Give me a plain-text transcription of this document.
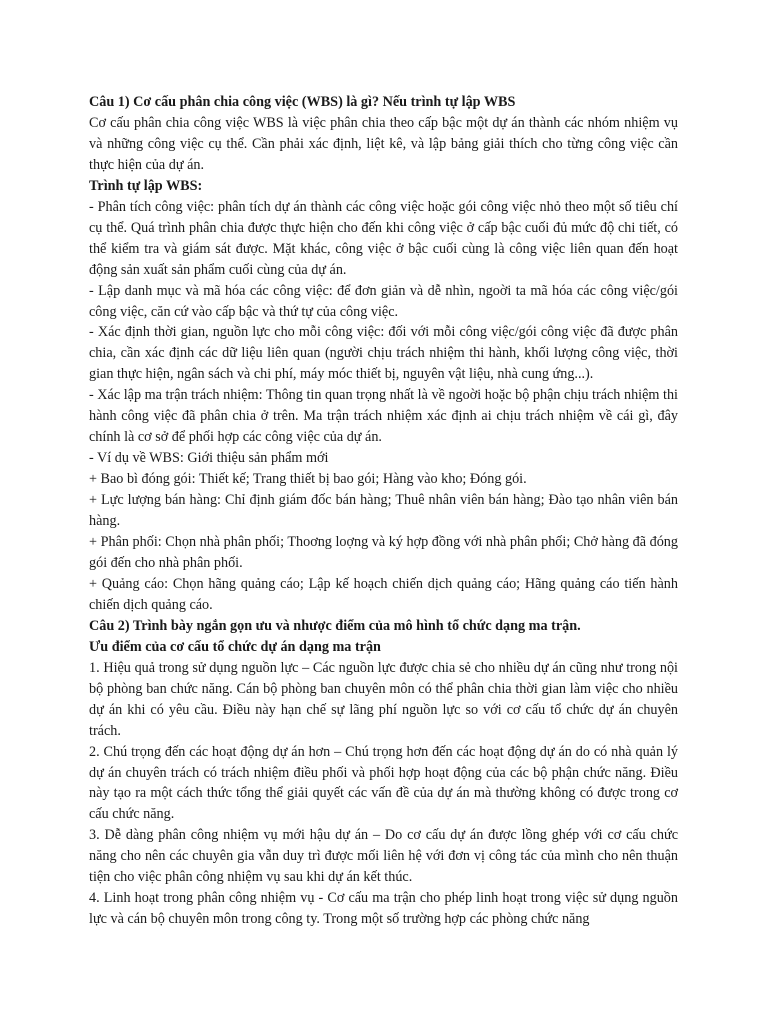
Câu 1) Cơ cấu phân chia công việc (WBS) là gì? Nếu trình tự lập WBS

Cơ cấu phân chia công việc WBS là việc phân chia theo cấp bậc một dự án thành các nhóm nhiệm vụ và những công việc cụ thể. Cần phải xác định, liệt kê, và lập bảng giải thích cho từng công việc cần thực hiện của dự án.

Trình tự lập WBS:

- Phân tích công việc: phân tích dự án thành các công việc hoặc gói công việc nhỏ theo một số tiêu chí cụ thể. Quá trình phân chia được thực hiện cho đến khi công việc ở cấp bậc cuối đủ mức độ chi tiết, có thể kiểm tra và giám sát được. Mặt khác, công việc ở bậc cuối cùng là công việc liên quan đến hoạt động sản xuất sản phẩm cuối cùng của dự án.

- Lập danh mục và mã hóa các công việc: để đơn giản và dễ nhìn, ngoời ta mã hóa các công việc/gói công việc, căn cứ vào cấp bậc và thứ tự của công việc.

- Xác định thời gian, nguồn lực cho mỗi công việc: đối với mỗi công việc/gói công việc đã được phân chia, cần xác định các dữ liệu liên quan (người chịu trách nhiệm thi hành, khối lượng công việc, thời gian thực hiện, ngân sách và chi phí, máy móc thiết bị, nguyên vật liệu, nhà cung ứng...).

- Xác lập ma trận trách nhiệm: Thông tin quan trọng nhất là về ngoời hoặc bộ phận chịu trách nhiệm thi hành công việc đã phân chia ở trên. Ma trận trách nhiệm xác định ai chịu trách nhiệm về cái gì, đây chính là cơ sở để phối hợp các công việc của dự án.

- Ví dụ về WBS: Giới thiệu sản phẩm mới

+ Bao bì đóng gói: Thiết kế; Trang thiết bị bao gói; Hàng vào kho; Đóng gói.

+ Lực lượng bán hàng: Chỉ định giám đốc bán hàng; Thuê nhân viên bán hàng; Đào tạo nhân viên bán hàng.

+ Phân phối: Chọn nhà phân phối; Thoơng loợng và ký hợp đồng với nhà phân phối; Chở hàng đã đóng gói đến cho nhà phân phối.

+ Quảng cáo: Chọn hãng quảng cáo; Lập kế hoạch chiến dịch quảng cáo; Hãng quảng cáo tiến hành chiến dịch quảng cáo.

Câu 2) Trình bày ngắn gọn ưu và nhược điểm của mô hình tổ chức dạng ma trận.

Ưu điểm của cơ cấu tổ chức dự án dạng ma trận

1. Hiệu quả trong sử dụng nguồn lực – Các nguồn lực được chia sẻ cho nhiều dự án cũng như trong nội bộ phòng ban chức năng. Cán bộ phòng ban chuyên môn có thể phân chia thời gian làm việc cho nhiều dự án khi có yêu cầu. Điều này hạn chế sự lãng phí nguồn lực so với cơ cấu tổ chức dự án chuyên trách.

2. Chú trọng đến các hoạt động dự án hơn – Chú trọng hơn đến các hoạt động dự án do có nhà quản lý dự án chuyên trách có trách nhiệm điều phối và phối hợp hoạt động của các bộ phận chức năng. Điều này tạo ra một cách thức tổng thể giải quyết các vấn đề của dự án mà thường không có được trong cơ cấu chức năng.

3. Dễ dàng phân công nhiệm vụ mới hậu dự án – Do cơ cấu dự án được lồng ghép với cơ cấu chức năng cho nên các chuyên gia vẫn duy trì được mối liên hệ với đơn vị công tác của mình cho nên thuận tiện cho việc phân công nhiệm vụ sau khi dự án kết thúc.

4. Linh hoạt trong phân công nhiệm vụ - Cơ cấu ma trận cho phép linh hoạt trong việc sử dụng nguồn lực và cán bộ chuyên môn trong công ty. Trong một số trường hợp các phòng chức năng
